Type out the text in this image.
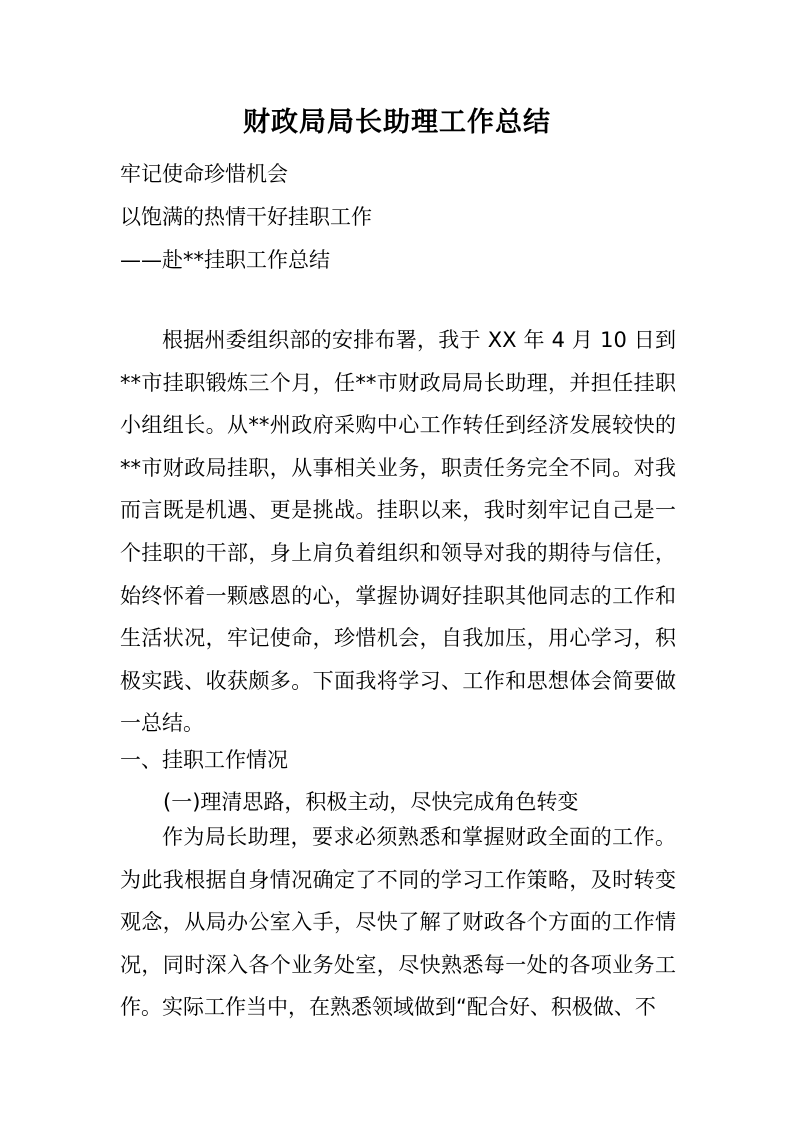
财政局局长助理工作总结
牢记使命珍惜机会
以饱满的热情干好挂职工作
——赴**挂职工作总结
根据州委组织部的安排布署，我于 XX 年 4 月 10 日到**市挂职锻炼三个月，任**市财政局局长助理，并担任挂职小组组长。从**州政府采购中心工作转任到经济发展较快的**市财政局挂职，从事相关业务，职责任务完全不同。对我而言既是机遇、更是挑战。挂职以来，我时刻牢记自己是一个挂职的干部，身上肩负着组织和领导对我的期待与信任，始终怀着一颗感恩的心，掌握协调好挂职其他同志的工作和生活状况，牢记使命，珍惜机会，自我加压，用心学习，积极实践、收获颇多。下面我将学习、工作和思想体会简要做一总结。
一、挂职工作情况
(一)理清思路，积极主动，尽快完成角色转变
作为局长助理，要求必须熟悉和掌握财政全面的工作。为此我根据自身情况确定了不同的学习工作策略，及时转变观念，从局办公室入手，尽快了解了财政各个方面的工作情况，同时深入各个业务处室，尽快熟悉每一处的各项业务工作。实际工作当中，在熟悉领域做到“配合好、积极做、不
